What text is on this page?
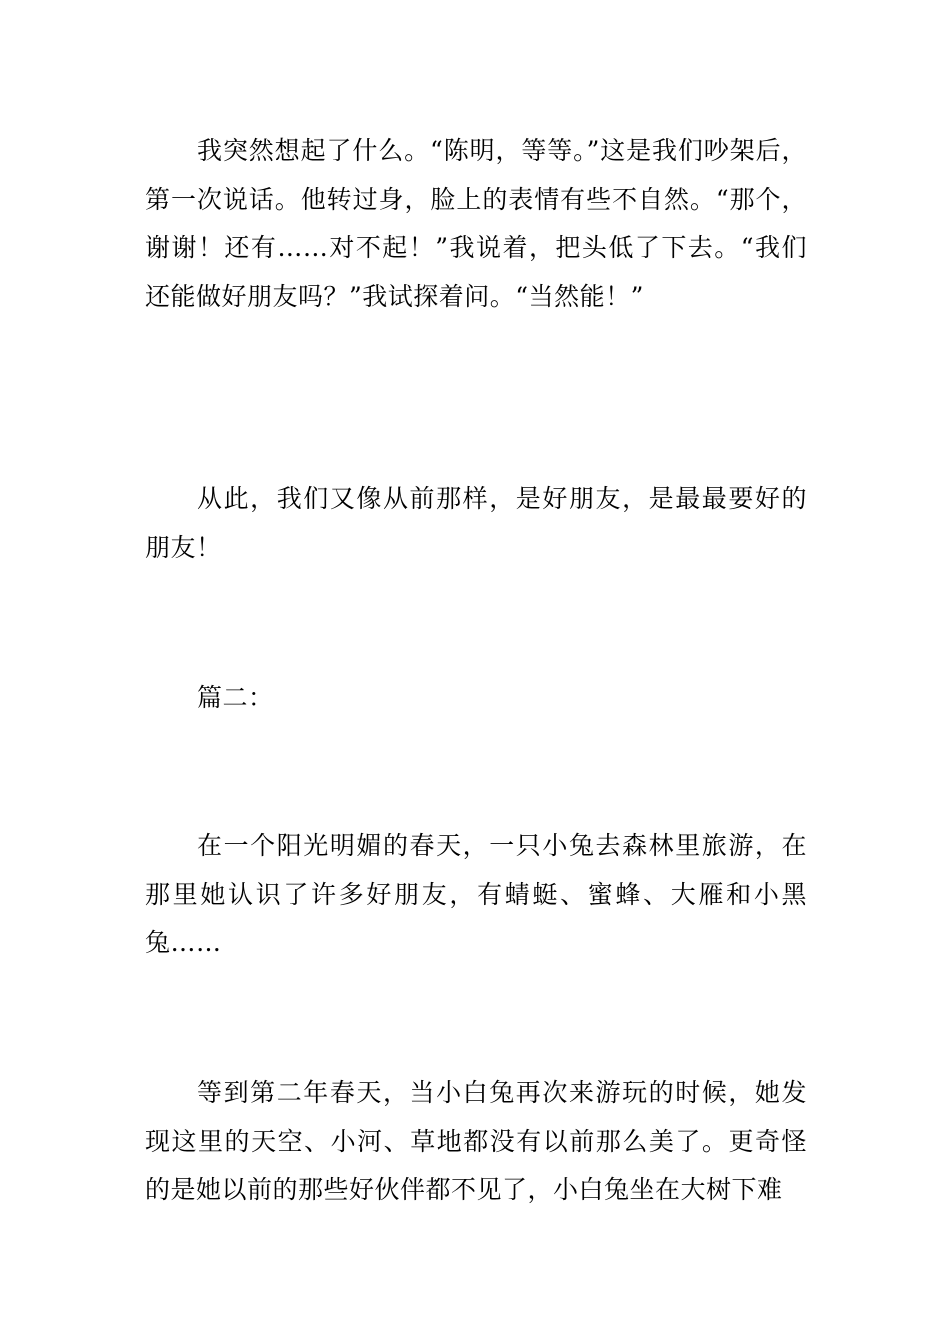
我突然想起了什么。“陈明，等等。”这是我们吵架后，第一次说话。他转过身，脸上的表情有些不自然。“那个，谢谢！还有……对不起！”我说着，把头低了下去。“我们还能做好朋友吗？”我试探着问。“当然能！”

从此，我们又像从前那样，是好朋友，是最最要好的朋友！

篇二：

在一个阳光明媚的春天，一只小兔去森林里旅游，在那里她认识了许多好朋友，有蜻蜓、蜜蜂、大雁和小黑兔……

等到第二年春天，当小白兔再次来游玩的时候，她发现这里的天空、小河、草地都没有以前那么美了。更奇怪的是她以前的那些好伙伴都不见了，小白兔坐在大树下难
